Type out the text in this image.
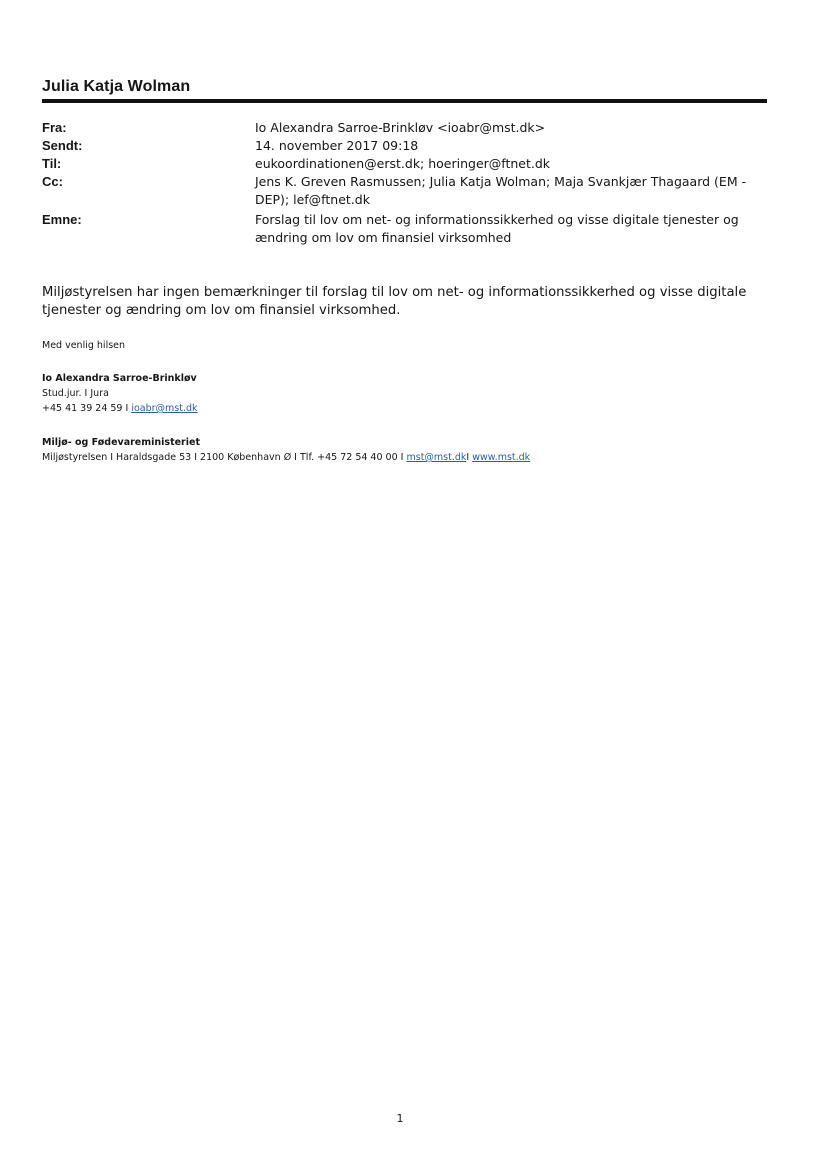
Julia Katja Wolman
Fra:	Io Alexandra Sarroe-Brinkløv <ioabr@mst.dk>
Sendt:	14. november 2017 09:18
Til:	eukoordinationen@erst.dk; hoeringer@ftnet.dk
Cc:	Jens K. Greven Rasmussen; Julia Katja Wolman; Maja Svankjær Thagaard (EM - DEP); lef@ftnet.dk
Emne:	Forslag til lov om net- og informationssikkerhed og visse digitale tjenester og ændring om lov om finansiel virksomhed

Miljøstyrelsen har ingen bemærkninger til forslag til lov om net- og informationssikkerhed og visse digitale tjenester og ændring om lov om finansiel virksomhed.

Med venlig hilsen
Io Alexandra Sarroe-Brinkløv
Stud.jur. I Jura
+45 41 39 24 59 I ioabr@mst.dk
Miljø- og Fødevareministeriet
Miljøstyrelsen I Haraldsgade 53 I 2100 København Ø I Tlf. +45 72 54 40 00 I mst@mst.dkI www.mst.dk
1
